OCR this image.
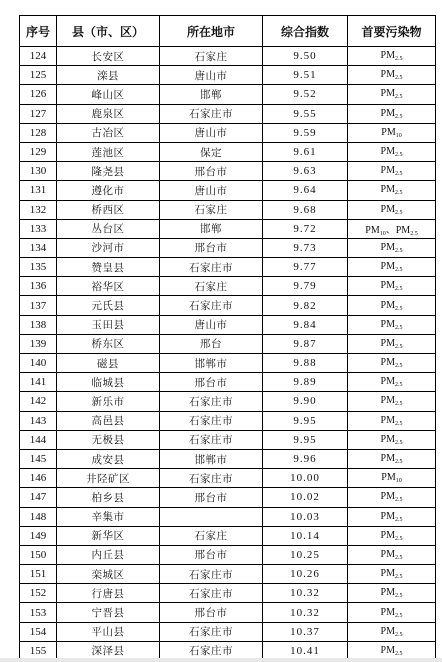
序号	县（市、区）	所在地市	综合指数	首要污染物
124	长安区	石家庄	9.50	$PM_{2.5}$
125	滦县	唐山市	9.51	$PM_{2.5}$
126	峰山区	邯郸	9.52	$PM_{2.5}$
127	鹿泉区	石家庄市	9.55	$PM_{2.5}$
128	古冶区	唐山市	9.59	$PM_{10}$
129	莲池区	保定	9.61	$PM_{2.5}$
130	隆尧县	邢台市	9.63	$PM_{2.5}$
131	遵化市	唐山市	9.64	$PM_{2.5}$
132	桥西区	石家庄	9.68	$PM_{2.5}$
133	丛台区	邯郸	9.72	$PM_{10}$、$PM_{2.5}$
134	沙河市	邢台市	9.73	$PM_{2.5}$
135	赞皇县	石家庄市	9.77	$PM_{2.5}$
136	裕华区	石家庄	9.79	$PM_{2.5}$
137	元氏县	石家庄市	9.82	$PM_{2.5}$
138	玉田县	唐山市	9.84	$PM_{2.5}$
139	桥东区	邢台	9.87	$PM_{2.5}$
140	磁县	邯郸市	9.88	$PM_{2.5}$
141	临城县	邢台市	9.89	$PM_{2.5}$
142	新乐市	石家庄市	9.90	$PM_{2.5}$
143	高邑县	石家庄市	9.95	$PM_{2.5}$
144	无极县	石家庄市	9.95	$PM_{2.5}$
145	成安县	邯郸市	9.96	$PM_{2.5}$
146	井陉矿区	石家庄市	10.00	$PM_{10}$
147	柏乡县	邢台市	10.02	$PM_{2.5}$
148	辛集市		10.03	$PM_{2.5}$
149	新华区	石家庄	10.14	$PM_{2.5}$
150	内丘县	邢台市	10.25	$PM_{2.5}$
151	栾城区	石家庄市	10.26	$PM_{2.5}$
152	行唐县	石家庄市	10.32	$PM_{2.5}$
153	宁晋县	邢台市	10.32	$PM_{2.5}$
154	平山县	石家庄市	10.37	$PM_{2.5}$
155	深泽县	石家庄市	10.41	$PM_{2.5}$
